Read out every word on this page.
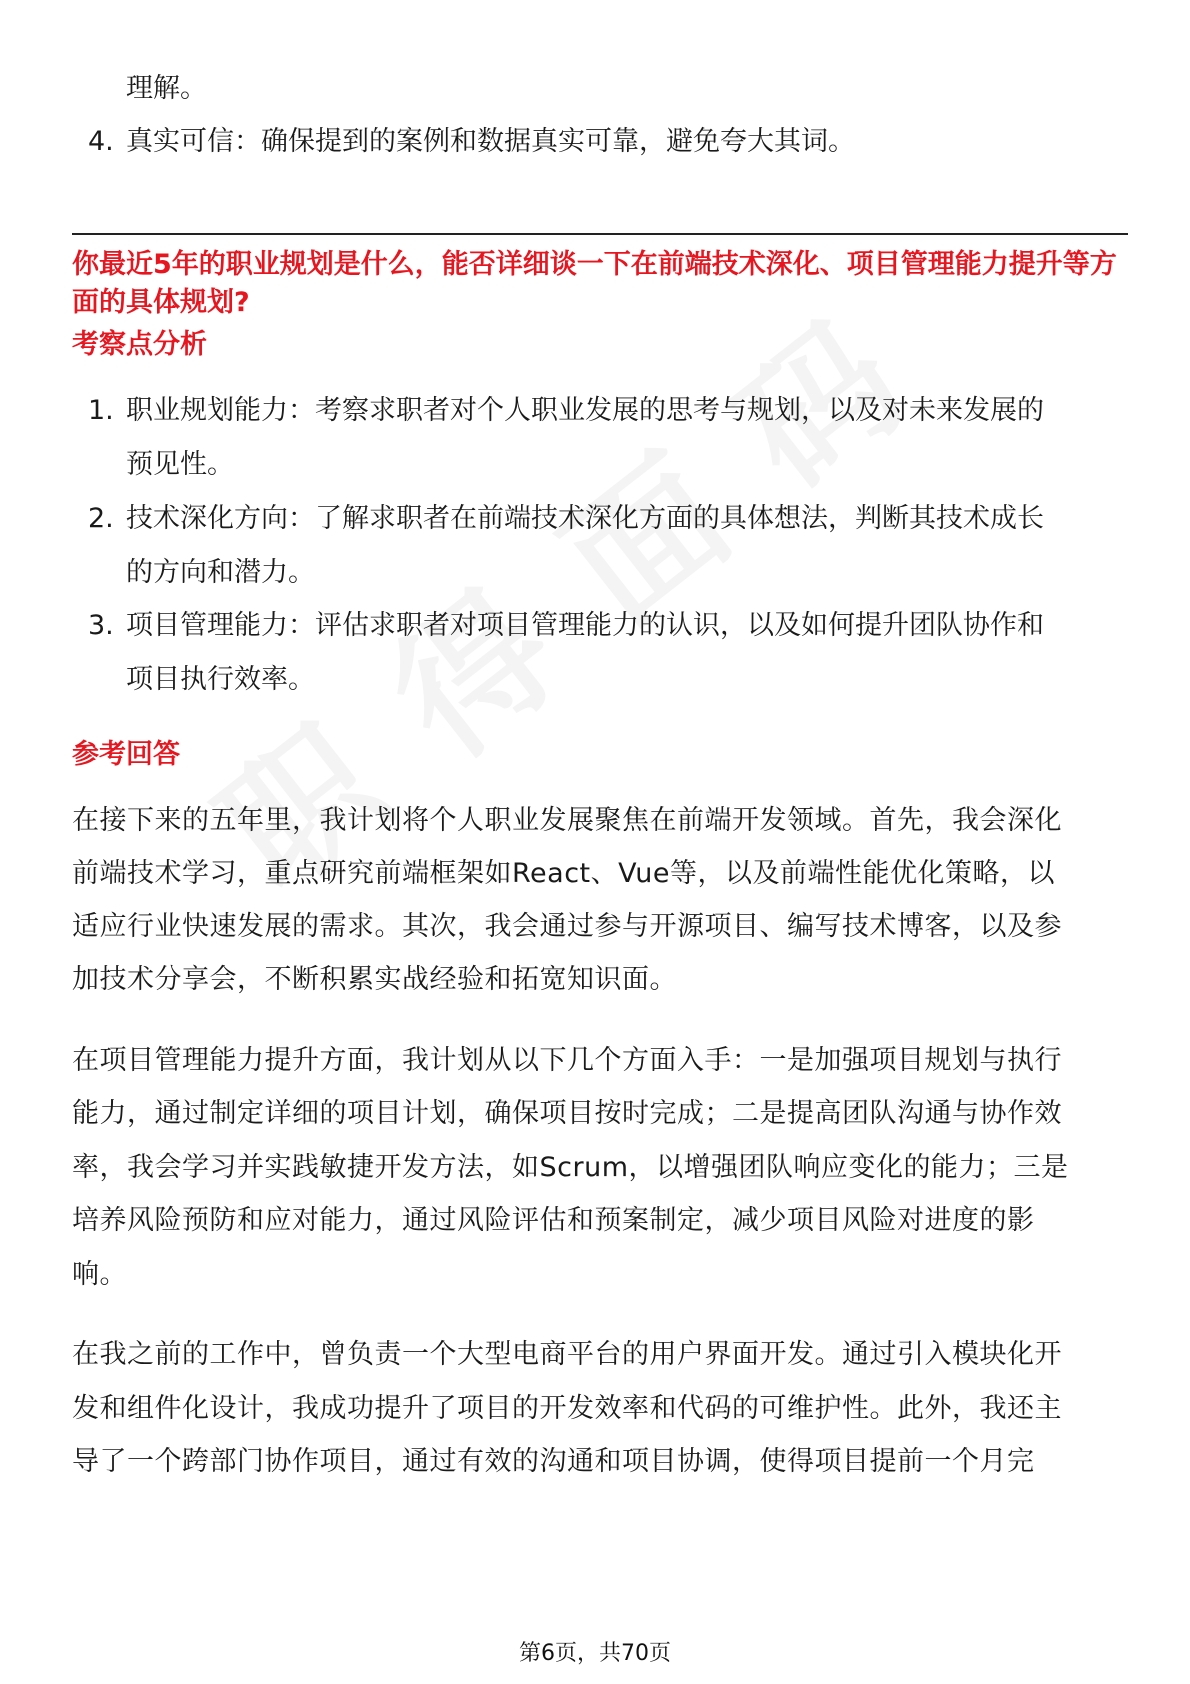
理解。
4. 真实可信：确保提到的案例和数据真实可靠，避免夸大其词。
你最近5年的职业规划是什么，能否详细谈一下在前端技术深化、项目管理能力提升等方面的具体规划?
考察点分析
1. 职业规划能力：考察求职者对个人职业发展的思考与规划，以及对未来发展的
预见性。
2. 技术深化方向：了解求职者在前端技术深化方面的具体想法，判断其技术成长
的方向和潜力。
3. 项目管理能力：评估求职者对项目管理能力的认识，以及如何提升团队协作和
项目执行效率。
参考回答
在接下来的五年里，我计划将个人职业发展聚焦在前端开发领域。首先，我会深化
前端技术学习，重点研究前端框架如React、Vue等，以及前端性能优化策略，以
适应行业快速发展的需求。其次，我会通过参与开源项目、编写技术博客，以及参
加技术分享会，不断积累实战经验和拓宽知识面。
在项目管理能力提升方面，我计划从以下几个方面入手：一是加强项目规划与执行
能力，通过制定详细的项目计划，确保项目按时完成；二是提高团队沟通与协作效
率，我会学习并实践敏捷开发方法，如Scrum，以增强团队响应变化的能力；三是
培养风险预防和应对能力，通过风险评估和预案制定，减少项目风险对进度的影
响。
在我之前的工作中，曾负责一个大型电商平台的用户界面开发。通过引入模块化开
发和组件化设计，我成功提升了项目的开发效率和代码的可维护性。此外，我还主
导了一个跨部门协作项目，通过有效的沟通和项目协调，使得项目提前一个月完
第6页，共70页
